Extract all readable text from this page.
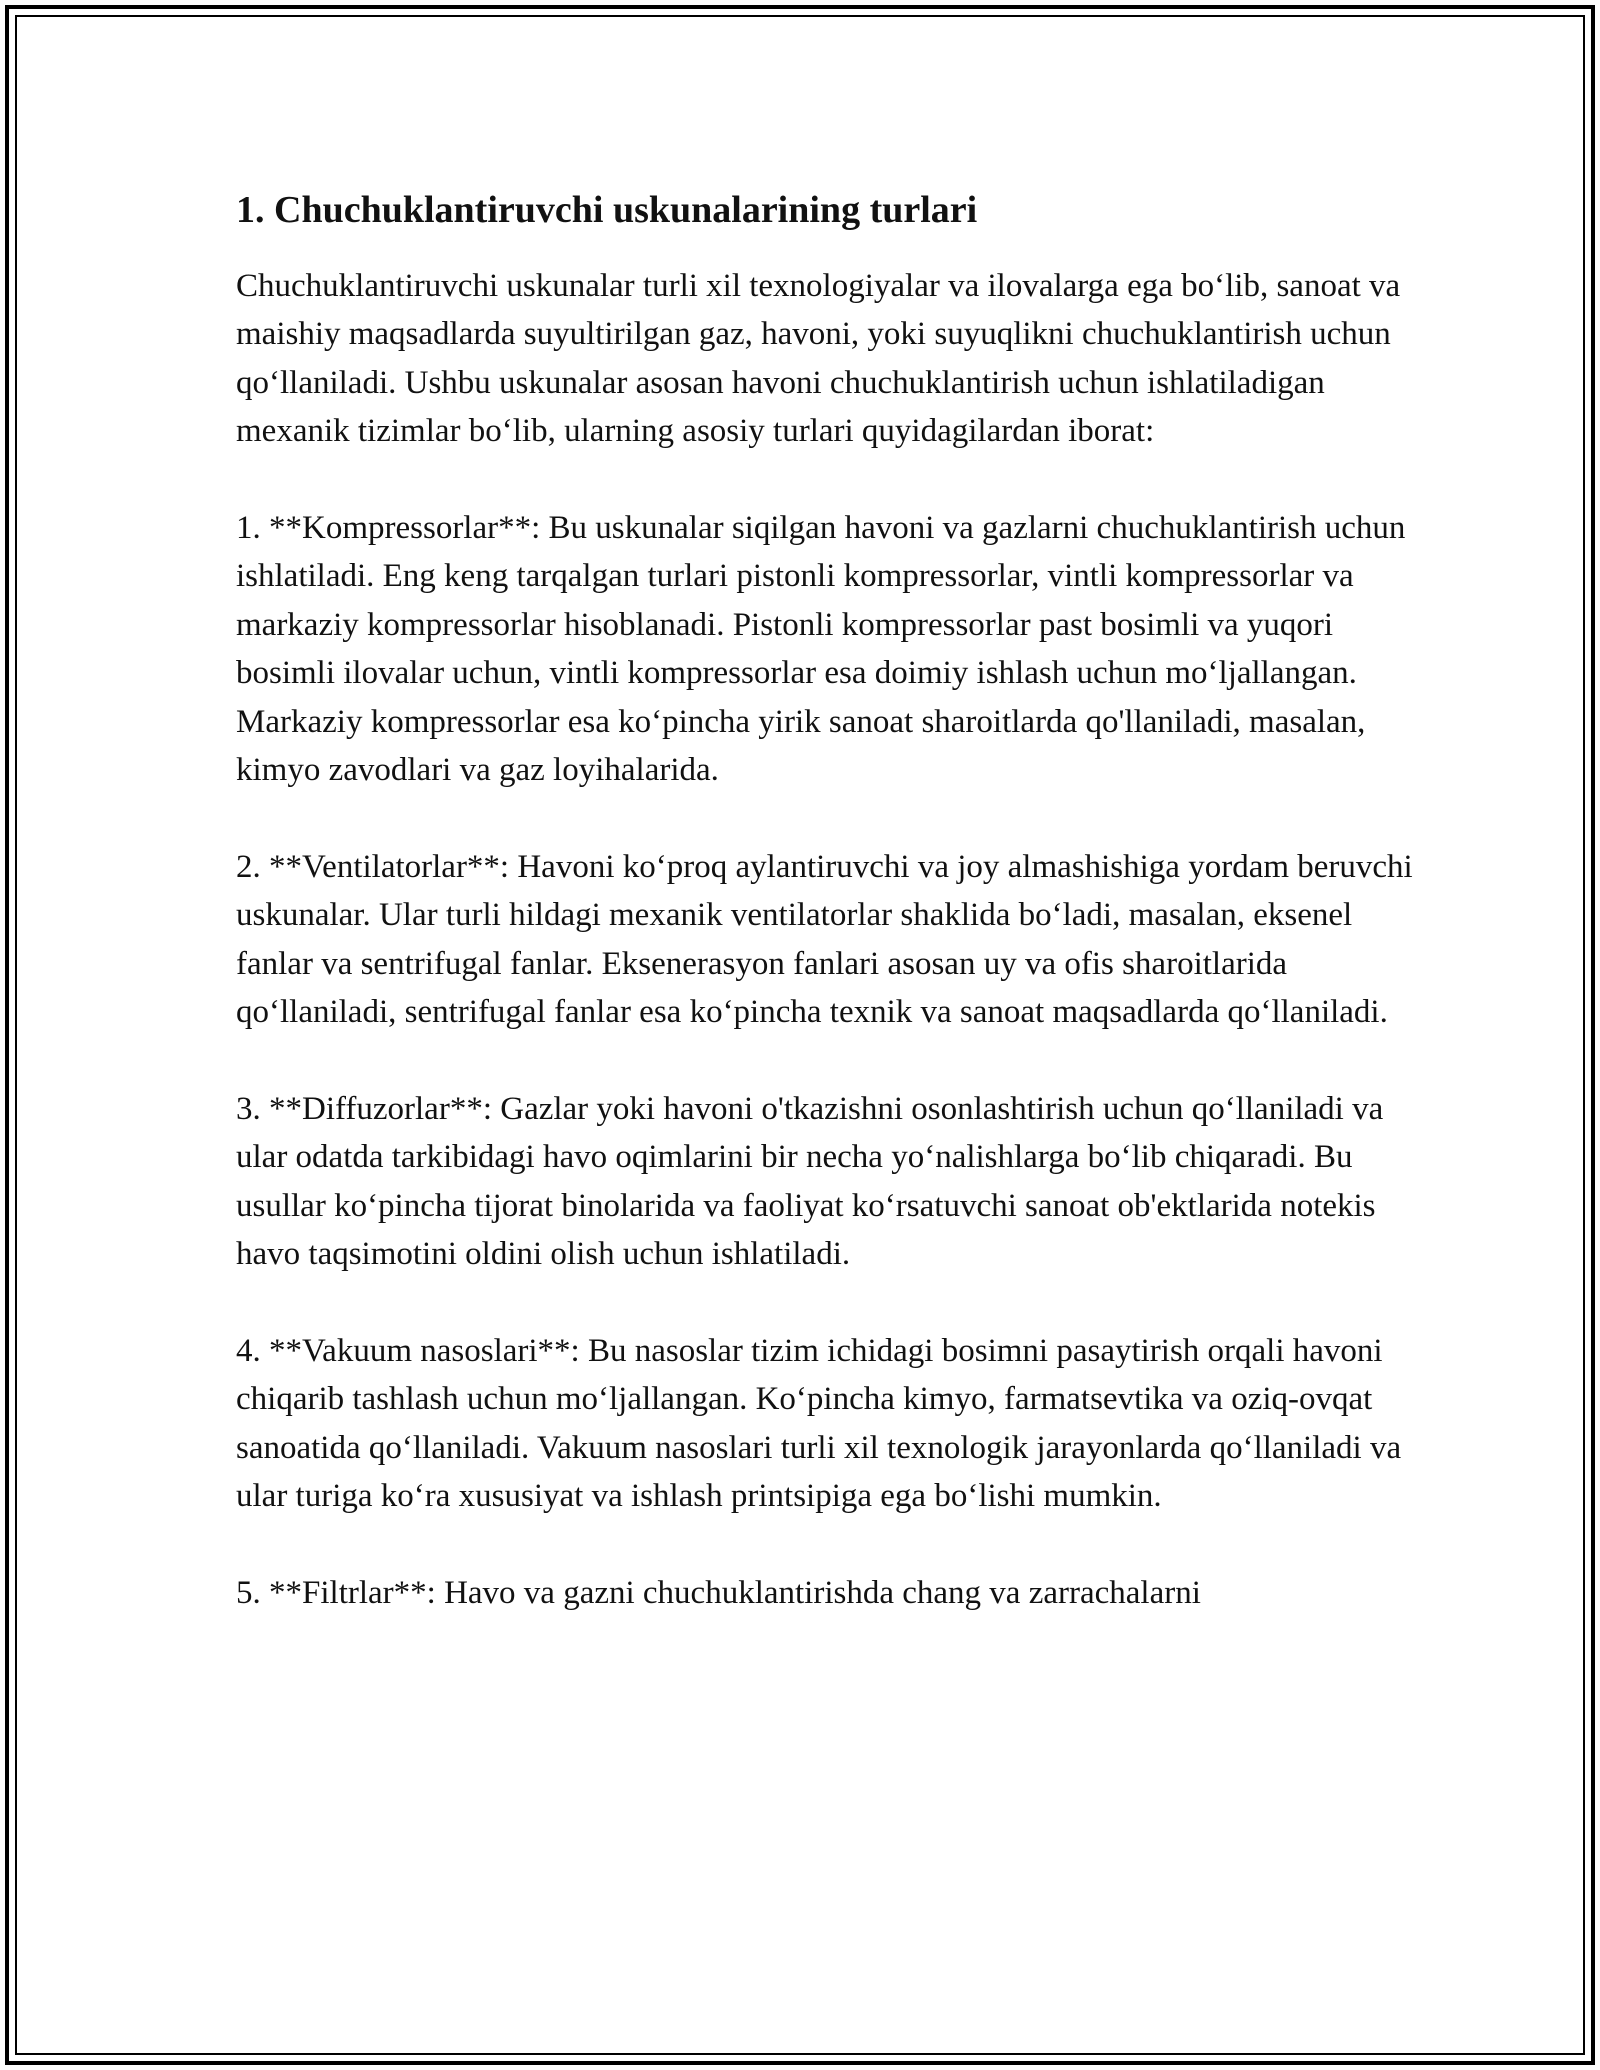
1. Chuchuklantiruvchi uskunalarining turlari

Chuchuklantiruvchi uskunalar turli xil texnologiyalar va ilovalarga ega bo‘lib, sanoat va maishiy maqsadlarda suyultirilgan gaz, havoni, yoki suyuqlikni chuchuklantirish uchun qo‘llaniladi. Ushbu uskunalar asosan havoni chuchuklantirish uchun ishlatiladigan mexanik tizimlar bo‘lib, ularning asosiy turlari quyidagilardan iborat:

1. **Kompressorlar**: Bu uskunalar siqilgan havoni va gazlarni chuchuklantirish uchun ishlatiladi. Eng keng tarqalgan turlari pistonli kompressorlar, vintli kompressorlar va markaziy kompressorlar hisoblanadi. Pistonli kompressorlar past bosimli va yuqori bosimli ilovalar uchun, vintli kompressorlar esa doimiy ishlash uchun mo‘ljallangan. Markaziy kompressorlar esa ko‘pincha yirik sanoat sharoitlarda qo'llaniladi, masalan, kimyo zavodlari va gaz loyihalarida.

2. **Ventilatorlar**: Havoni ko‘proq aylantiruvchi va joy almashishiga yordam beruvchi uskunalar. Ular turli hildagi mexanik ventilatorlar shaklida bo‘ladi, masalan, eksenel fanlar va sentrifugal fanlar. Eksenerasyon fanlari asosan uy va ofis sharoitlarida qo‘llaniladi, sentrifugal fanlar esa ko‘pincha texnik va sanoat maqsadlarda qo‘llaniladi.

3. **Diffuzorlar**: Gazlar yoki havoni o'tkazishni osonlashtirish uchun qo‘llaniladi va ular odatda tarkibidagi havo oqimlarini bir necha yo‘nalishlarga bo‘lib chiqaradi. Bu usullar ko‘pincha tijorat binolarida va faoliyat ko‘rsatuvchi sanoat ob'ektlarida notekis havo taqsimotini oldini olish uchun ishlatiladi.

4. **Vakuum nasoslari**: Bu nasoslar tizim ichidagi bosimni pasaytirish orqali havoni chiqarib tashlash uchun mo‘ljallangan. Ko‘pincha kimyo, farmatsevtika va oziq-ovqat sanoatida qo‘llaniladi. Vakuum nasoslari turli xil texnologik jarayonlarda qo‘llaniladi va ular turiga ko‘ra xususiyat va ishlash printsipiga ega bo‘lishi mumkin.

5. **Filtrlar**: Havo va gazni chuchuklantirishda chang va zarrachalarni
